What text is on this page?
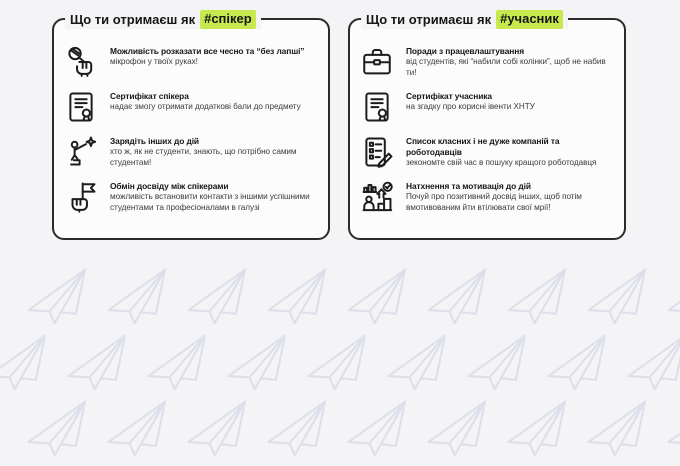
Що ти отримаєш як #спікер
Можливість розказати все чесно та “без лапші”
мікрофон у твоїх руках!
Сертифікат спікера
надає змогу отримати додаткові бали до предмету
Зарядіть інших до дій
хто ж, як не студенти, знають, що потрібно самим студентам!
Обмін досвіду між спікерами
можливість встановити контакти з іншими успішними студентами та професіоналами в галузі
Що ти отримаєш як #учасник
Поради з працевлаштування
від студентів, які “набили собі колінки”, щоб не набив ти!
Сертифікат учасника
на згадку про корисні івенти ХНТУ
Список класних і не дуже компаній та роботодавців
зекономте свій час в пошуку кращого роботодавця
Натхнення та мотивація до дій
Почуй про позитивний досвід інших, щоб потім вмотивованим йти втілювати свої мрії!
